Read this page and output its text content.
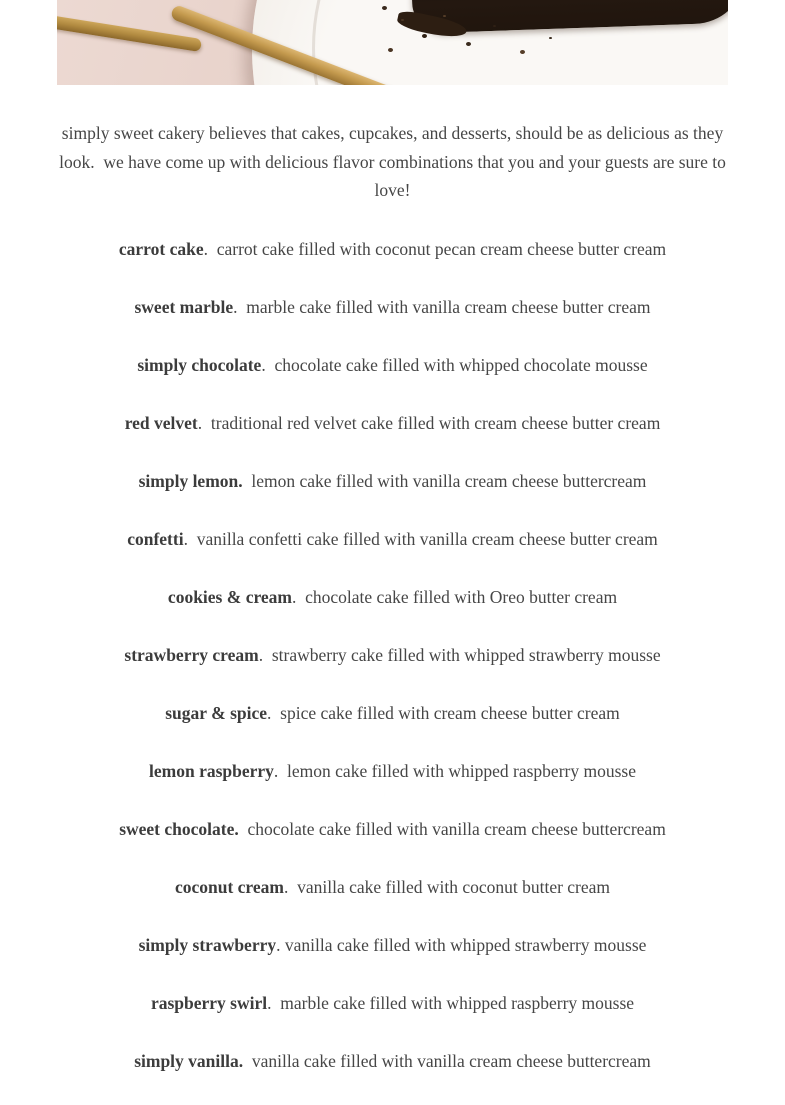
simply sweet cakery believes that cakes, cupcakes, and desserts, should be as delicious as they look.  we have come up with delicious flavor combinations that you and your guests are sure to love!

carrot cake.  carrot cake filled with coconut pecan cream cheese butter cream

sweet marble.  marble cake filled with vanilla cream cheese butter cream

simply chocolate.  chocolate cake filled with whipped chocolate mousse

red velvet.  traditional red velvet cake filled with cream cheese butter cream

simply lemon. lemon cake filled with vanilla cream cheese buttercream

confetti.  vanilla confetti cake filled with vanilla cream cheese butter cream

cookies & cream.  chocolate cake filled with Oreo butter cream

strawberry cream.  strawberry cake filled with whipped strawberry mousse

sugar & spice.  spice cake filled with cream cheese butter cream

lemon raspberry.  lemon cake filled with whipped raspberry mousse

sweet chocolate. chocolate cake filled with vanilla cream cheese buttercream

coconut cream.  vanilla cake filled with coconut butter cream

simply strawberry. vanilla cake filled with whipped strawberry mousse

raspberry swirl.  marble cake filled with whipped raspberry mousse

simply vanilla. vanilla cake filled with vanilla cream cheese buttercream
